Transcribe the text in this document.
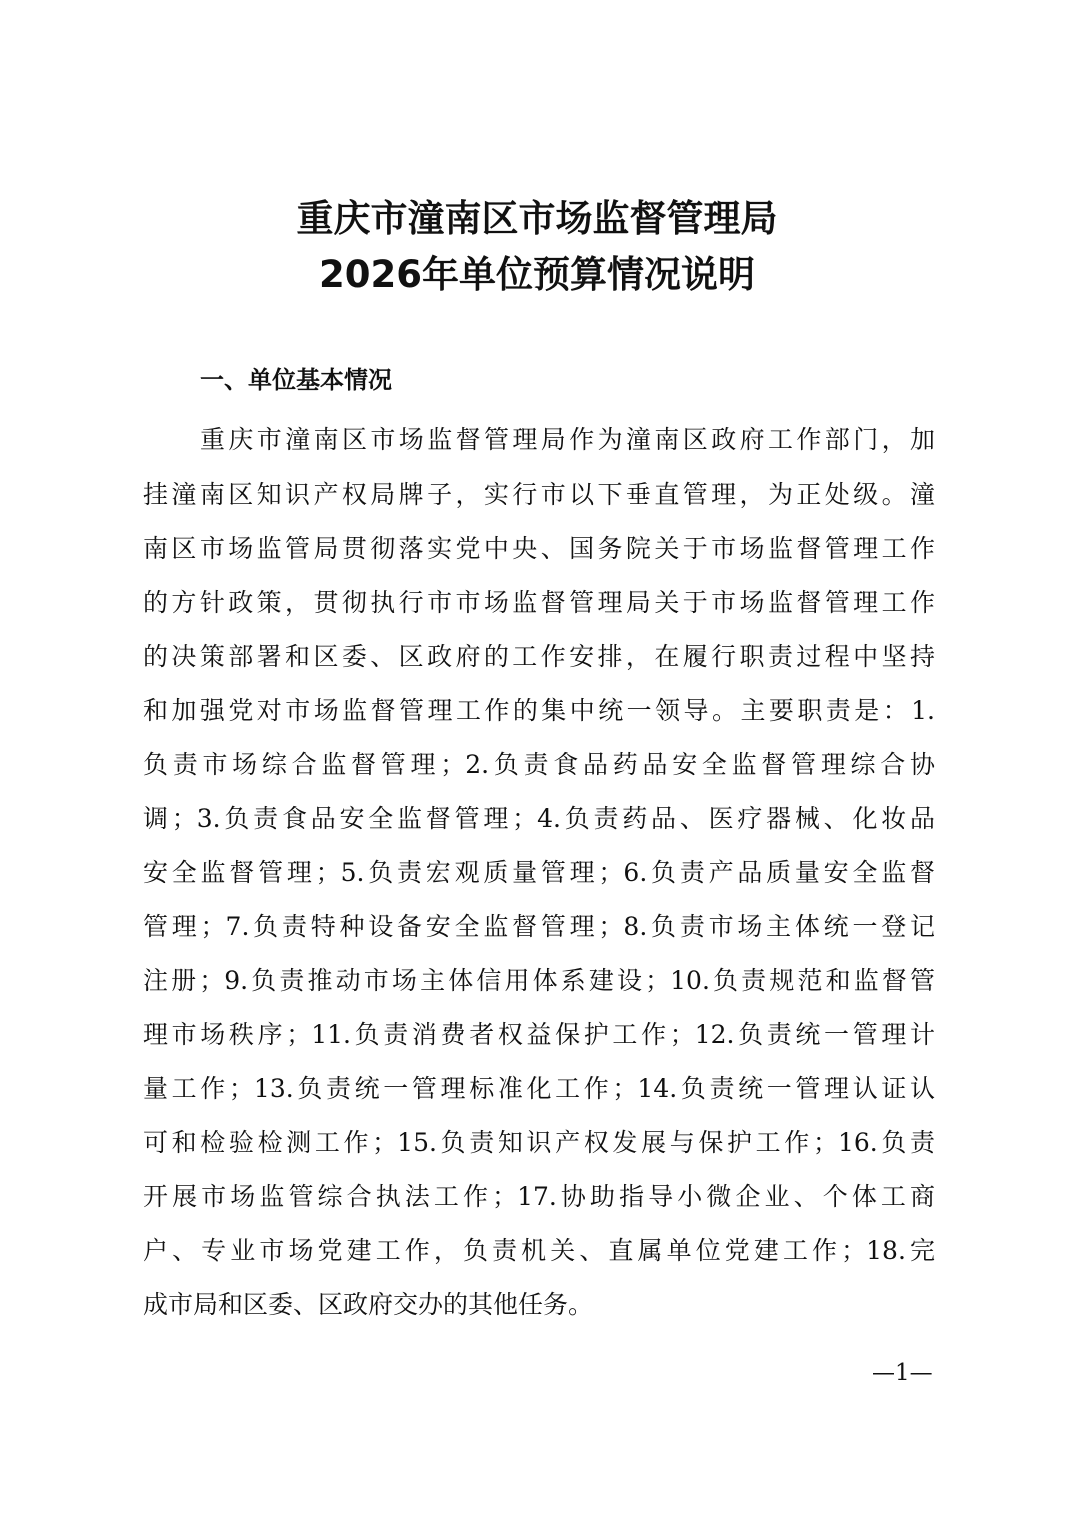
重庆市潼南区市场监督管理局
2026年单位预算情况说明
一、单位基本情况

重庆市潼南区市场监督管理局作为潼南区政府工作部门，加

挂潼南区知识产权局牌子，实行市以下垂直管理，为正处级。潼

南区市场监管局贯彻落实党中央、国务院关于市场监督管理工作

的方针政策，贯彻执行市市场监督管理局关于市场监督管理工作

的决策部署和区委、区政府的工作安排，在履行职责过程中坚持

和加强党对市场监督管理工作的集中统一领导。主要职责是：1.

负责市场综合监督管理；2.负责食品药品安全监督管理综合协

调；3.负责食品安全监督管理；4.负责药品、医疗器械、化妆品

安全监督管理；5.负责宏观质量管理；6.负责产品质量安全监督

管理；7.负责特种设备安全监督管理；8.负责市场主体统一登记

注册；9.负责推动市场主体信用体系建设；10.负责规范和监督管

理市场秩序；11.负责消费者权益保护工作；12.负责统一管理计

量工作；13.负责统一管理标准化工作；14.负责统一管理认证认

可和检验检测工作；15.负责知识产权发展与保护工作；16.负责

开展市场监管综合执法工作；17.协助指导小微企业、个体工商

户、专业市场党建工作，负责机关、直属单位党建工作；18.完

成市局和区委、区政府交办的其他任务。

—1—
